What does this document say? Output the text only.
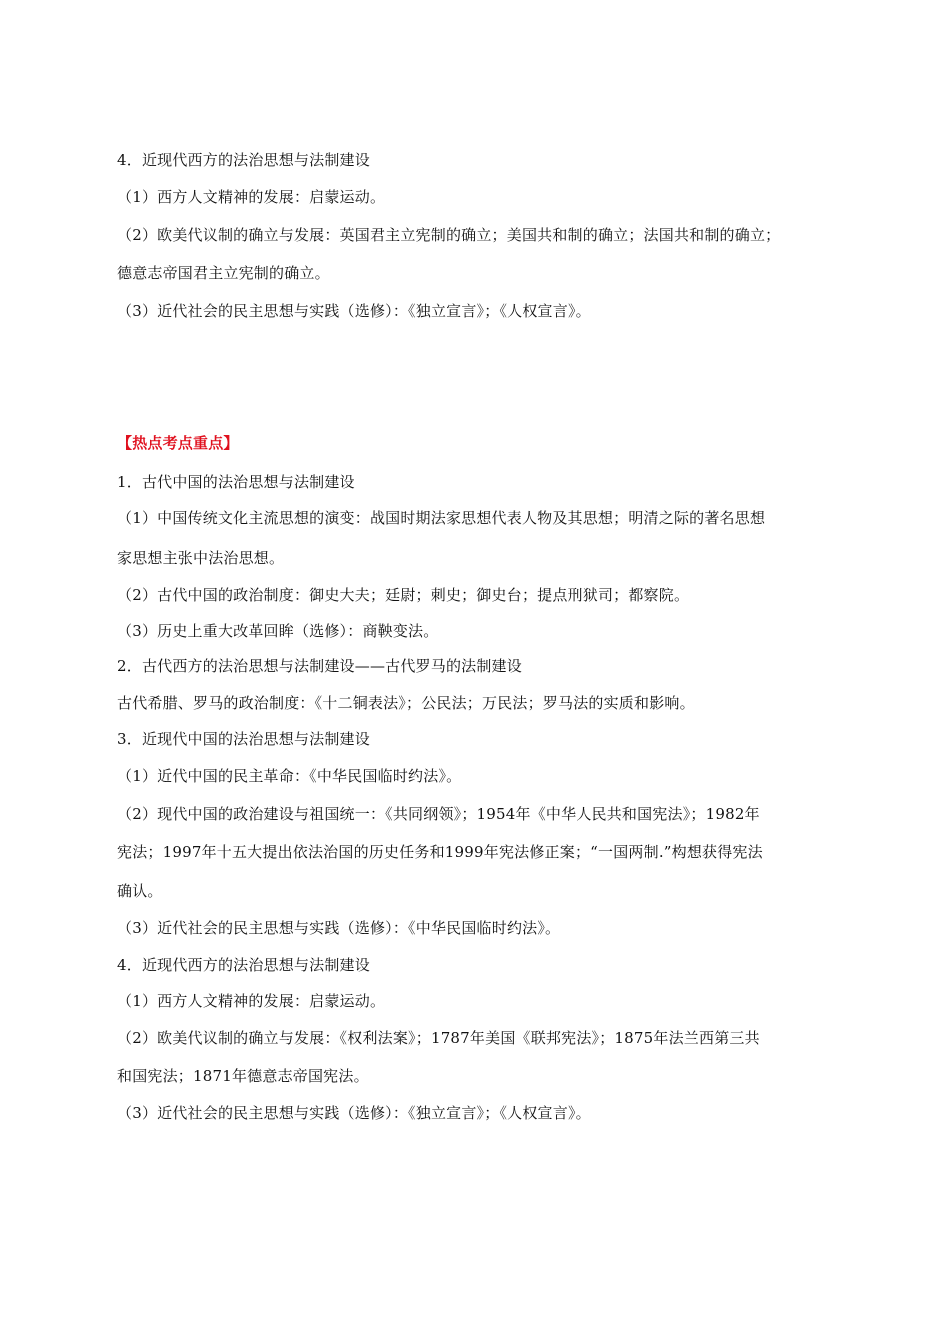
4．近现代西方的法治思想与法制建设
（1）西方人文精神的发展：启蒙运动。
（2）欧美代议制的确立与发展：英国君主立宪制的确立；美国共和制的确立；法国共和制的确立；
德意志帝国君主立宪制的确立。
（3）近代社会的民主思想与实践（选修）：《独立宣言》；《人权宣言》。
【热点考点重点】
1．古代中国的法治思想与法制建设
（1）中国传统文化主流思想的演变：战国时期法家思想代表人物及其思想；明清之际的著名思想
家思想主张中法治思想。
（2）古代中国的政治制度：御史大夫；廷尉；刺史；御史台；提点刑狱司；都察院。
（3）历史上重大改革回眸（选修）：商鞅变法。
2．古代西方的法治思想与法制建设——古代罗马的法制建设
古代希腊、罗马的政治制度：《十二铜表法》；公民法；万民法；罗马法的实质和影响。
3．近现代中国的法治思想与法制建设
（1）近代中国的民主革命：《中华民国临时约法》。
（2）现代中国的政治建设与祖国统一：《共同纲领》；1954年《中华人民共和国宪法》；1982年
宪法；1997年十五大提出依法治国的历史任务和1999年宪法修正案；“一国两制.”构想获得宪法
确认。
（3）近代社会的民主思想与实践（选修）：《中华民国临时约法》。
4．近现代西方的法治思想与法制建设
（1）西方人文精神的发展：启蒙运动。
（2）欧美代议制的确立与发展：《权利法案》；1787年美国《联邦宪法》；1875年法兰西第三共
和国宪法；1871年德意志帝国宪法。
（3）近代社会的民主思想与实践（选修）：《独立宣言》；《人权宣言》。
